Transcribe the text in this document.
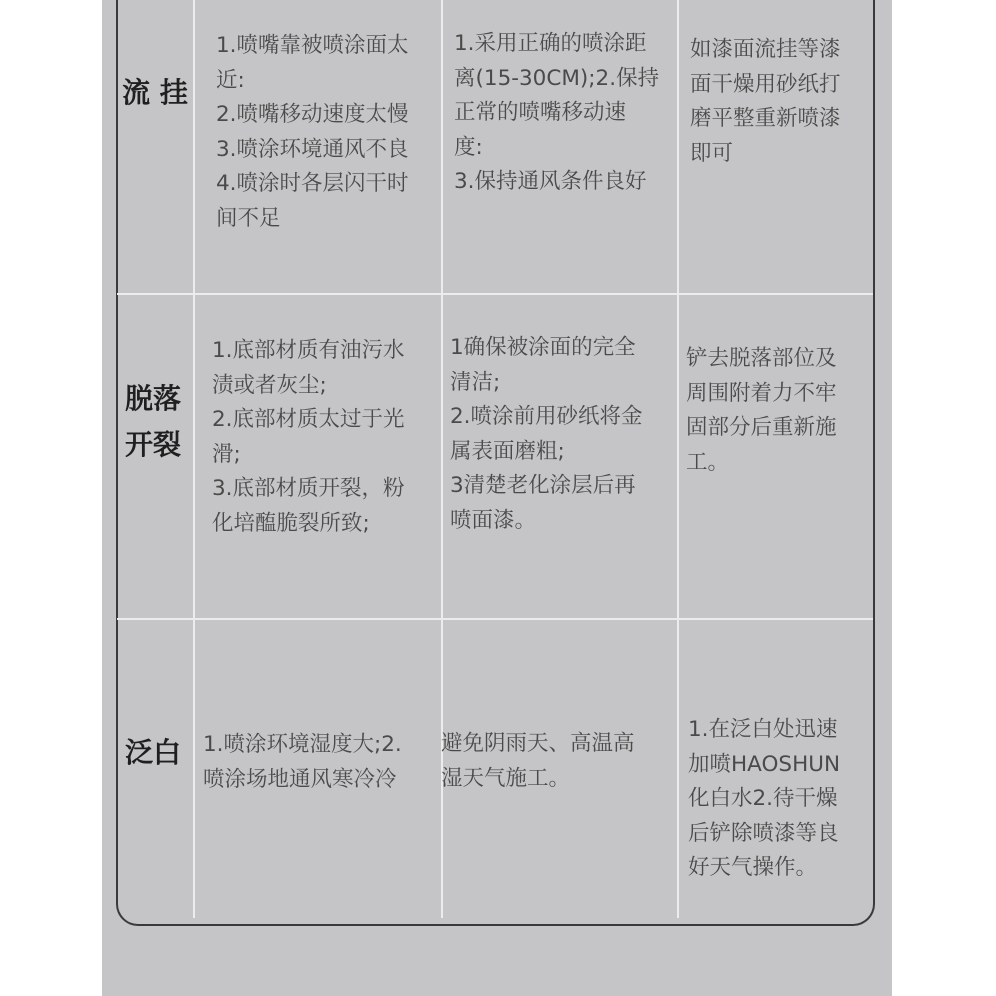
流 挂
1.喷嘴靠被喷涂面太
近:
2.喷嘴移动速度太慢
3.喷涂环境通风不良
4.喷涂时各层闪干时
间不足
1.采用正确的喷涂距
离(15-30CM);2.保持
正常的喷嘴移动速
度:
3.保持通风条件良好
如漆面流挂等漆
面干燥用砂纸打
磨平整重新喷漆
即可
脱落
开裂
1.底部材质有油污水
渍或者灰尘;
2.底部材质太过于光
滑;
3.底部材质开裂，粉
化培醢脆裂所致;
1确保被涂面的完全
清洁;
2.喷涂前用砂纸将金
属表面磨粗;
3清楚老化涂层后再
喷面漆。
铲去脱落部位及
周围附着力不牢
固部分后重新施
工。
泛白	1.喷涂环境湿度大;2.
喷涂场地通风寒冷冷
避免阴雨天、高温高
湿天气施工。
1.在泛白处迅速
加喷HAOSHUN
化白水2.待干燥
后铲除喷漆等良
好天气操作。
